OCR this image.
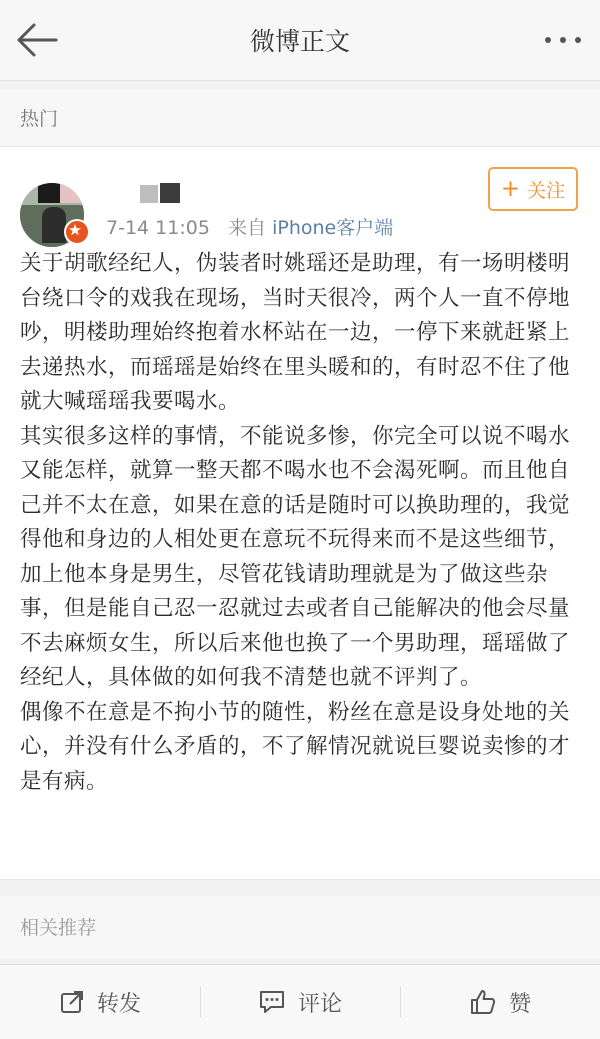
微博正文
热门
7-14 11:05 来自 iPhone客户端
+ 关注

关于胡歌经纪人，伪装者时姚瑶还是助理，有一场明楼明台绕口令的戏我在现场，当时天很冷，两个人一直不停地吵，明楼助理始终抱着水杯站在一边，一停下来就赶紧上去递热水，而瑶瑶是始终在里头暖和的，有时忍不住了他就大喊瑶瑶我要喝水。

其实很多这样的事情，不能说多惨，你完全可以说不喝水又能怎样，就算一整天都不喝水也不会渴死啊。而且他自己并不太在意，如果在意的话是随时可以换助理的，我觉得他和身边的人相处更在意玩不玩得来而不是这些细节，加上他本身是男生，尽管花钱请助理就是为了做这些杂事，但是能自己忍一忍就过去或者自己能解决的他会尽量不去麻烦女生，所以后来他也换了一个男助理，瑶瑶做了经纪人，具体做的如何我不清楚也就不评判了。

偶像不在意是不拘小节的随性，粉丝在意是设身处地的关心，并没有什么矛盾的，不了解情况就说巨婴说卖惨的才是有病。

相关推荐
转发	评论	赞
